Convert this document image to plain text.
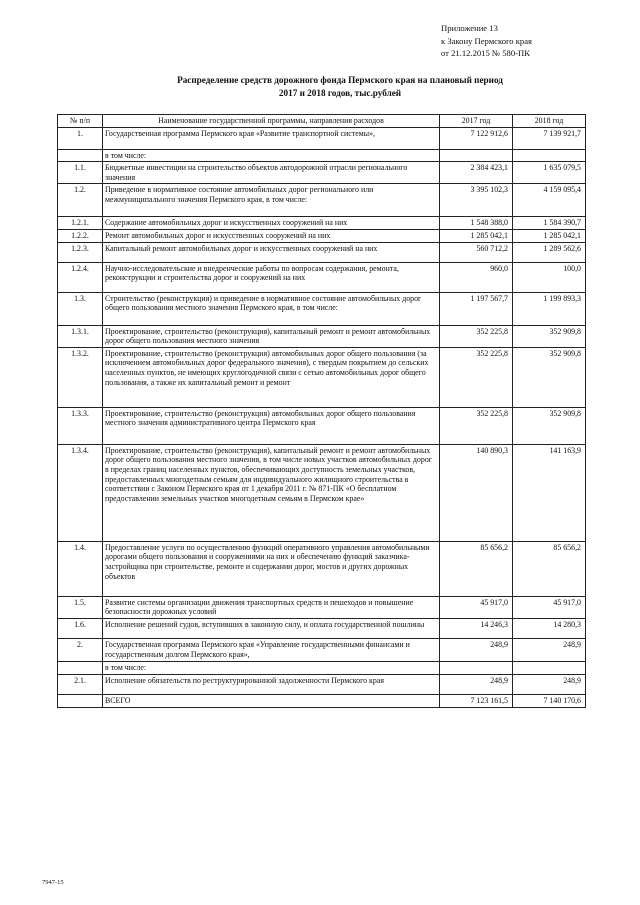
Приложение 13
к Закону Пермского края
от 21.12.2015 № 580-ПК
Распределение средств дорожного фонда Пермского края на плановый период
2017 и 2018 годов, тыс.рублей
№ п/п	Наименование государственной программы, направления расходов	2017 год	2018 год
1.	Государственная программа Пермского края «Развитие транспортной системы»,	7 122 912,6	7 139 921,7
	в том числе:		
1.1.	Бюджетные инвестиции на строительство объектов автодорожной отрасли регионального значения	2 384 423,1	1 635 079,5
1.2.	Приведение в нормативное состояние автомобильных дорог регионального или межмуниципального значения Пермского края, в том числе:	3 395 102,3	4 159 095,4
1.2.1.	Содержание автомобильных дорог и искусственных сооружений на них	1 548 388,0	1 584 390,7
1.2.2.	Ремонт автомобильных дорог и искусственных сооружений на них	1 285 042,1	1 285 042,1
1.2.3.	Капитальный ремонт автомобильных дорог и искусственных сооружений на них	560 712,2	1 289 562,6
1.2.4.	Научно-исследовательские и внедренческие работы по вопросам содержания, ремонта, реконструкции и строительства дорог и сооружений на них	960,0	100,0
1.3.	Строительство (реконструкция) и приведение в нормативное состояние автомобильных дорог общего пользования местного значения Пермского края, в том числе:	1 197 567,7	1 199 893,3
1.3.1.	Проектирование, строительство (реконструкция), капитальный ремонт и ремонт автомобильных дорог общего пользования местного значения	352 225,8	352 909,8
1.3.2.	Проектирование, строительство (реконструкция) автомобильных дорог общего пользования (за исключением автомобильных дорог федерального значения), с твердым покрытием до сельских населенных пунктов, не имеющих круглогодичной связи с сетью автомобильных дорог общего пользования, а также их капитальный ремонт и ремонт	352 225,8	352 909,8
1.3.3.	Проектирование, строительство (реконструкция) автомобильных дорог общего пользования местного значения административного центра Пермского края	352 225,8	352 909,8
1.3.4.	Проектирование, строительство (реконструкция), капитальный ремонт и ремонт автомобильных дорог общего пользования местного значения, в том числе новых участков автомобильных дорог в пределах границ населенных пунктов, обеспечивающих доступность земельных участков, предоставленных многодетным семьям для индивидуального жилищного строительства в соответствии с Законом Пермского края от 1 декабря 2011 г. № 871-ПК «О бесплатном предоставлении земельных участков многодетным семьям в Пермском крае»	140 890,3	141 163,9
1.4.	Предоставление услуги по осуществлению функций оперативного управления автомобильными дорогами общего пользования и сооружениями на них и обеспечению функций заказчика-застройщика при строительстве, ремонте и содержании дорог, мостов и других дорожных объектов	85 656,2	85 656,2
1.5.	Развитие системы организации движения транспортных средств и пешеходов и повышение безопасности дорожных условий	45 917,0	45 917,0
1.6.	Исполнение решений судов, вступивших в законную силу, и оплата государственной пошлины	14 246,3	14 280,3
2.	Государственная программа Пермского края «Управление государственными финансами и государственным долгом Пермского края»,	248,9	248,9
	в том числе:		
2.1.	Исполнение обязательств по реструктурированной задолженности Пермского края	248,9	248,9
	ВСЕГО	7 123 161,5	7 140 170,6
7947-15
